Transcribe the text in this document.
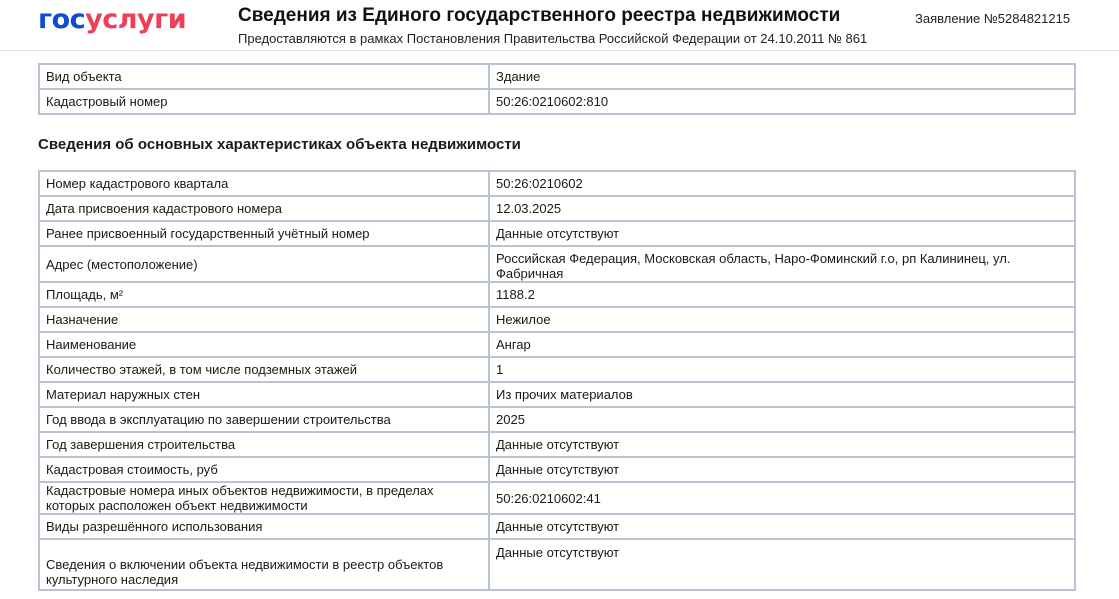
госуслуги	Сведения из Единого государственного реестра недвижимости
Предоставляются в рамках Постановления Правительства Российской Федерации от 24.10.2011 № 861
Заявление №5284821215
Вид объекта	Здание
Кадастровый номер	50:26:0210602:810
Сведения об основных характеристиках объекта недвижимости
Номер кадастрового квартала	50:26:0210602
Дата присвоения кадастрового номера	12.03.2025
Ранее присвоенный государственный учётный номер	Данные отсутствуют
Адрес (местоположение)	Российская Федерация, Московская область, Наро-Фоминский г.о, рп Калининец, ул. Фабричная
Площадь, м²	1188.2
Назначение	Нежилое
Наименование	Ангар
Количество этажей, в том числе подземных этажей	1
Материал наружных стен	Из прочих материалов
Год ввода в эксплуатацию по завершении строительства	2025
Год завершения строительства	Данные отсутствуют
Кадастровая стоимость, руб	Данные отсутствуют
Кадастровые номера иных объектов недвижимости, в пределах которых расположен объект недвижимости	50:26:0210602:41
Виды разрешённого использования	Данные отсутствуют
Сведения о включении объекта недвижимости в реестр объектов культурного наследия	Данные отсутствуют
